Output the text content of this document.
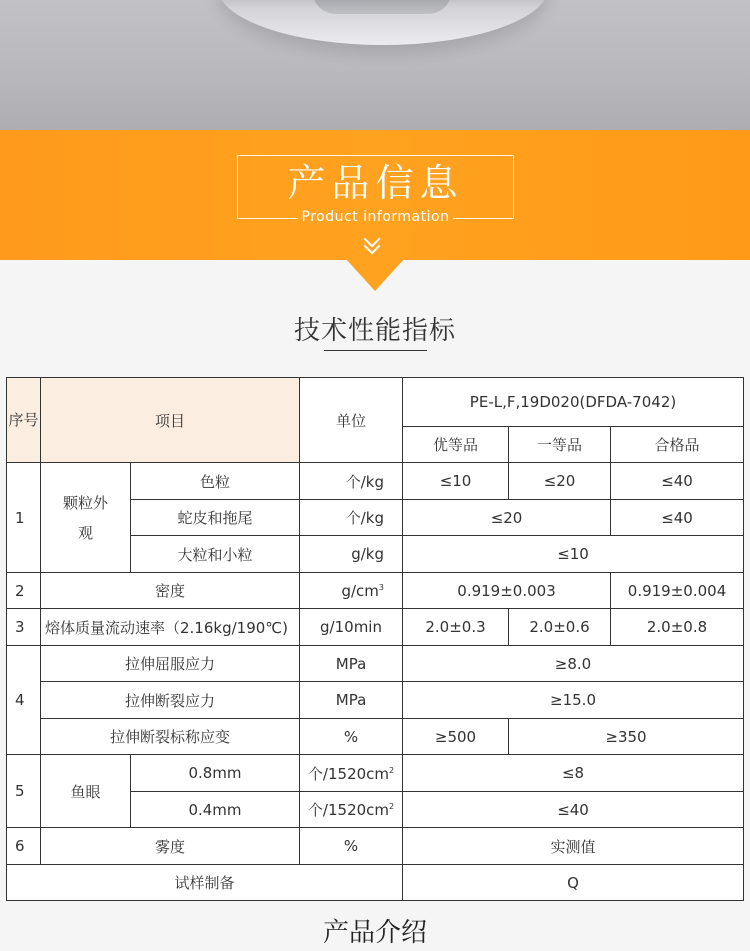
产品信息
Product information
技术性能指标
序号	项目		单位	PE-L,F,19D020(DFDA-7042)		
				优等品	一等品	合格品
1	颗粒外观	色粒	个/kg	≤10	≤20	≤40
		蛇皮和拖尾	个/kg	≤20		≤40
		大粒和小粒	g/kg	≤10		
2	密度		$g/cm^3$	0.919±0.003		0.919±0.004
3	熔体质量流动速率（2.16kg/190℃)		g/10min	2.0±0.3	2.0±0.6	2.0±0.8
4	拉伸屈服应力		MPa	≥8.0		
	拉伸断裂应力		MPa	≥15.0		
	拉伸断裂标称应变		%	≥500	≥350	
5	鱼眼	0.8mm	个$/1520cm^2$	≤8		
		0.4mm	个$/1520cm^2$	≤40		
6	雾度		%	实测值		
试样制备				Q		
产品介绍
